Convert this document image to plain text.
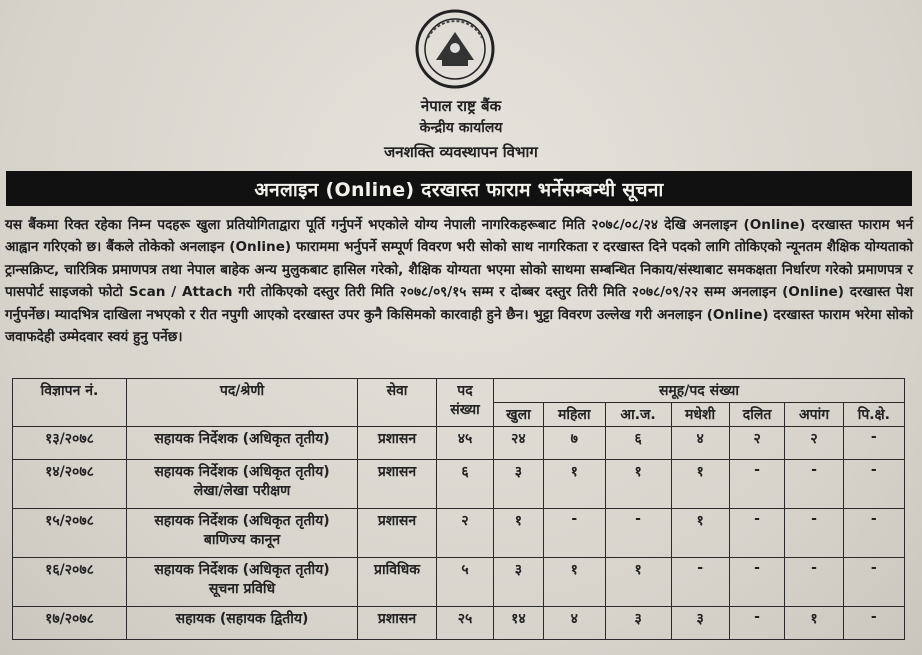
नेपाल राष्ट्र बैंक
केन्द्रीय कार्यालय
जनशक्ति व्यवस्थापन विभाग
अनलाइन (Online) दरखास्त फाराम भर्नेसम्बन्धी सूचना
यस बैंकमा रिक्त रहेका निम्न पदहरू खुला प्रतियोगिताद्वारा पूर्ति गर्नुपर्ने भएकोले योग्य नेपाली नागरिकहरूबाट मिति २०७८/०८/२४ देखि अनलाइन (Online) दरखास्त फाराम भर्न आह्वान गरिएको छ। बैंकले तोकेको अनलाइन (Online) फाराममा भर्नुपर्ने सम्पूर्ण विवरण भरी सोको साथ नागरिकता र दरखास्त दिने पदको लागि तोकिएको न्यूनतम शैक्षिक योग्यताको ट्रान्सक्रिप्ट, चारित्रिक प्रमाणपत्र तथा नेपाल बाहेक अन्य मुलुकबाट हासिल गरेको, शैक्षिक योग्यता भएमा सोको साथमा सम्बन्धित निकाय/संस्थाबाट समकक्षता निर्धारण गरेको प्रमाणपत्र र पासपोर्ट साइजको फोटो Scan / Attach गरी तोकिएको दस्तुर तिरी मिति २०७८/०९/१५ सम्म र दोब्बर दस्तुर तिरी मिति २०७८/०९/२२ सम्म अनलाइन (Online) दरखास्त पेश गर्नुपर्नेछ। म्यादभित्र दाखिला नभएको र रीत नपुगी आएको दरखास्त उपर कुनै किसिमको कारवाही हुने छैन। भुट्टा विवरण उल्लेख गरी अनलाइन (Online) दरखास्त फाराम भरेमा सोको जवाफदेही उम्मेदवार स्वयं हुनु पर्नेछ।
विज्ञापन नं.	पद/श्रेणी	सेवा	पद संख्या	समूह/पद संख्या						
				खुला	महिला	आ.ज.	मधेशी	दलित	अपांग	पि.क्षे.
१३/२०७८	सहायक निर्देशक (अधिकृत तृतीय)	प्रशासन	४५	२४	७	६	४	२	२	-
१४/२०७८	सहायक निर्देशक (अधिकृत तृतीय)
लेखा/लेखा परीक्षण	प्रशासन	६	३	१	१	१	-	-	-
१५/२०७८	सहायक निर्देशक (अधिकृत तृतीय)
बाणिज्य कानून	प्रशासन	२	१	-	-	१	-	-	-
१६/२०७८	सहायक निर्देशक (अधिकृत तृतीय)
सूचना प्रविधि	प्राविधिक	५	३	१	१	-	-	-	-
१७/२०७८	सहायक (सहायक द्वितीय)	प्रशासन	२५	१४	४	३	३	-	१	-
